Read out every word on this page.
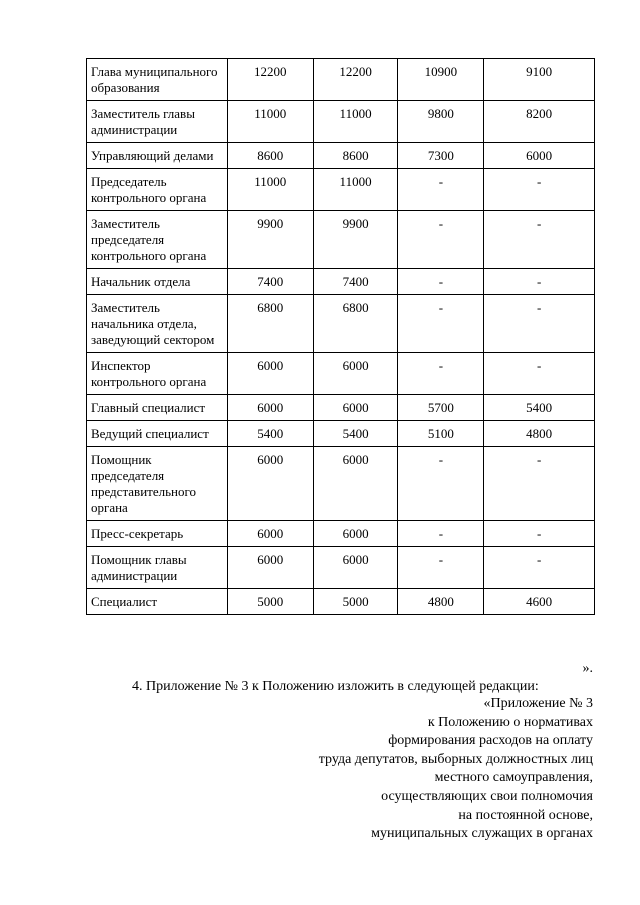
Глава муниципального образования	12200	12200	10900	9100
Заместитель главы администрации	11000	11000	9800	8200
Управляющий делами	8600	8600	7300	6000
Председатель контрольного органа	11000	11000	-	-
Заместитель председателя контрольного органа	9900	9900	-	-
Начальник отдела	7400	7400	-	-
Заместитель начальника отдела, заведующий сектором	6800	6800	-	-
Инспектор контрольного органа	6000	6000	-	-
Главный специалист	6000	6000	5700	5400
Ведущий специалист	5400	5400	5100	4800
Помощник председателя представительного органа	6000	6000	-	-
Пресс-секретарь	6000	6000	-	-
Помощник главы администрации	6000	6000	-	-
Специалист	5000	5000	4800	4600
».
4. Приложение № 3 к Положению изложить в следующей редакции:
«Приложение № 3
к Положению о нормативах
формирования расходов на оплату
труда депутатов, выборных должностных лиц
местного самоуправления,
осуществляющих свои полномочия
на постоянной основе,
муниципальных служащих в органах
